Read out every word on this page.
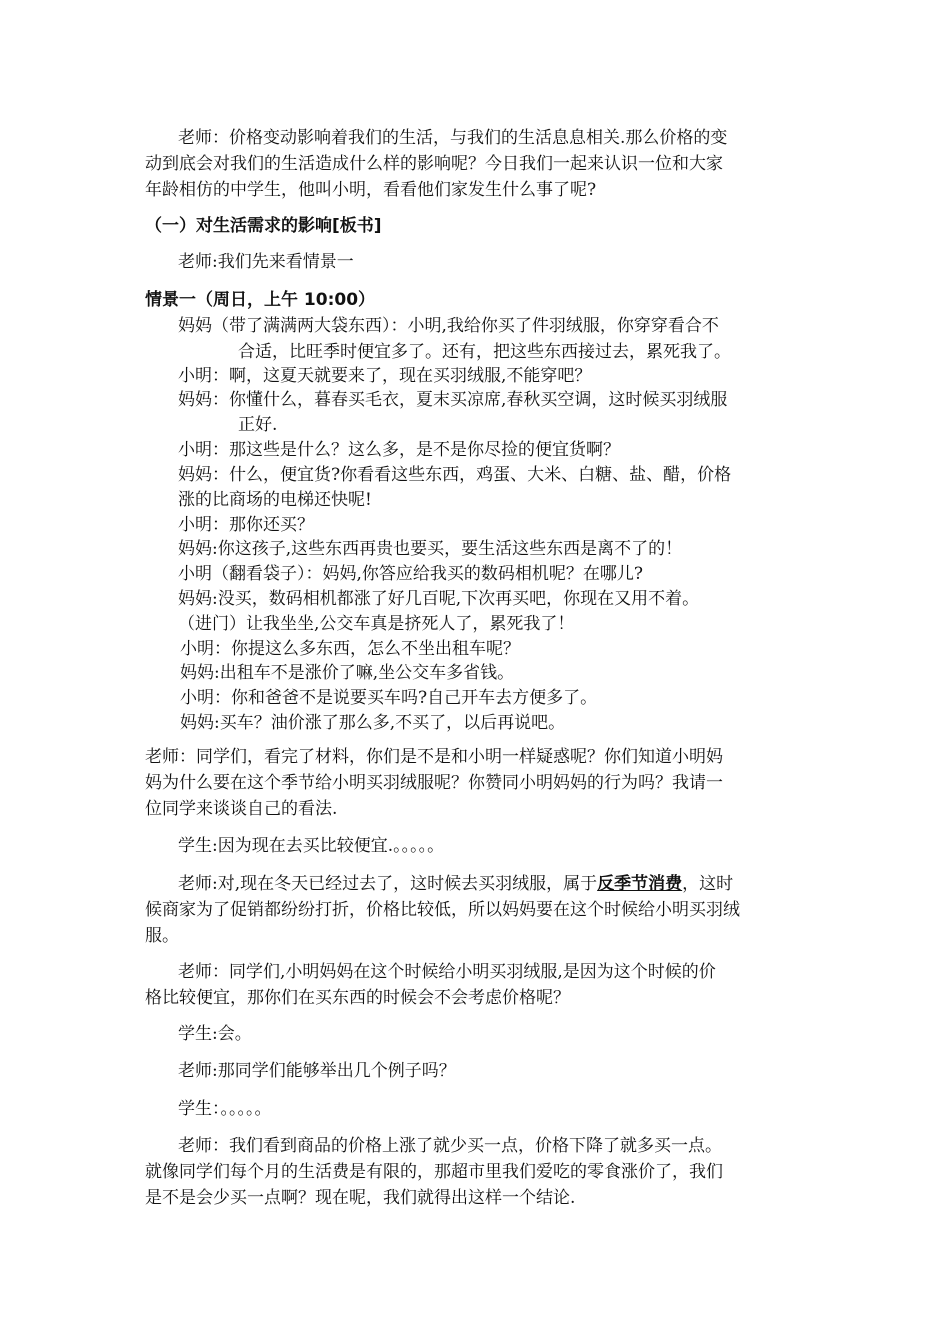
老师：价格变动影响着我们的生活，与我们的生活息息相关.那么价格的变
动到底会对我们的生活造成什么样的影响呢？今日我们一起来认识一位和大家
年龄相仿的中学生，他叫小明，看看他们家发生什么事了呢?
（一）对生活需求的影响[板书]
老师:我们先来看情景一
情景一（周日，上午 10:00）
妈妈（带了满满两大袋东西）：小明,我给你买了件羽绒服，你穿穿看合不
合适，比旺季时便宜多了。还有，把这些东西接过去，累死我了。
小明：啊，这夏天就要来了，现在买羽绒服,不能穿吧？
妈妈：你懂什么，暮春买毛衣，夏末买凉席,春秋买空调，这时候买羽绒服
正好.
小明：那这些是什么？这么多，是不是你尽捡的便宜货啊？
妈妈：什么，便宜货?你看看这些东西，鸡蛋、大米、白糖、盐、醋，价格
涨的比商场的电梯还快呢!
小明：那你还买？
妈妈:你这孩子,这些东西再贵也要买，要生活这些东西是离不了的！
小明（翻看袋子）：妈妈,你答应给我买的数码相机呢？在哪儿?
妈妈:没买，数码相机都涨了好几百呢,下次再买吧，你现在又用不着。
（进门）让我坐坐,公交车真是挤死人了，累死我了！
小明：你提这么多东西，怎么不坐出租车呢？
妈妈:出租车不是涨价了嘛,坐公交车多省钱。
小明：你和爸爸不是说要买车吗?自己开车去方便多了。
妈妈:买车？油价涨了那么多,不买了，以后再说吧。
老师：同学们，看完了材料，你们是不是和小明一样疑惑呢？你们知道小明妈
妈为什么要在这个季节给小明买羽绒服呢？你赞同小明妈妈的行为吗？我请一
位同学来谈谈自己的看法.
学生:因为现在去买比较便宜.。。。。。
老师:对,现在冬天已经过去了，这时候去买羽绒服，属于反季节消费，这时
候商家为了促销都纷纷打折，价格比较低，所以妈妈要在这个时候给小明买羽绒
服。
老师：同学们,小明妈妈在这个时候给小明买羽绒服,是因为这个时候的价
格比较便宜，那你们在买东西的时候会不会考虑价格呢？
学生:会。
老师:那同学们能够举出几个例子吗？
学生：。。。。。
老师：我们看到商品的价格上涨了就少买一点，价格下降了就多买一点。
就像同学们每个月的生活费是有限的，那超市里我们爱吃的零食涨价了，我们
是不是会少买一点啊？现在呢，我们就得出这样一个结论.
